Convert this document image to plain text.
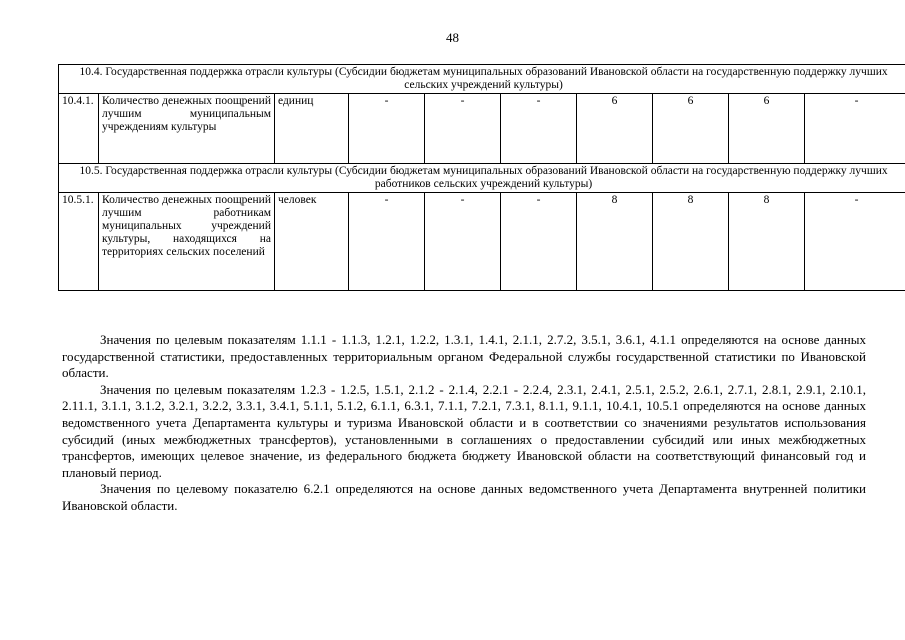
48
10.4. Государственная поддержка отрасли культуры (Субсидии бюджетам муниципальных образований Ивановской области на государственную поддержку лучших сельских учреждений культуры)									
10.4.1.	Количество денежных поощрений лучшим муниципальным учреждениям культуры	единиц	-	-	-	6	6	6	-
10.5. Государственная поддержка отрасли культуры (Субсидии бюджетам муниципальных образований Ивановской области на государственную поддержку лучших работников сельских учреждений культуры)									
10.5.1.	Количество денежных поощрений лучшим работникам муниципальных учреждений культуры, находящихся на территориях сельских поселений	человек	-	-	-	8	8	8	-

Значения по целевым показателям 1.1.1 - 1.1.3, 1.2.1, 1.2.2, 1.3.1, 1.4.1, 2.1.1, 2.7.2, 3.5.1, 3.6.1, 4.1.1 определяются на основе данных государственной статистики, предоставленных территориальным органом Федеральной службы государственной статистики по Ивановской области.

Значения по целевым показателям 1.2.3 - 1.2.5, 1.5.1, 2.1.2 - 2.1.4, 2.2.1 - 2.2.4, 2.3.1, 2.4.1, 2.5.1, 2.5.2, 2.6.1, 2.7.1, 2.8.1, 2.9.1, 2.10.1, 2.11.1, 3.1.1, 3.1.2, 3.2.1, 3.2.2, 3.3.1, 3.4.1, 5.1.1, 5.1.2, 6.1.1, 6.3.1, 7.1.1, 7.2.1, 7.3.1, 8.1.1, 9.1.1, 10.4.1, 10.5.1 определяются на основе данных ведомственного учета Департамента культуры и туризма Ивановской области и в соответствии со значениями результатов использования субсидий (иных межбюджетных трансфертов), установленными в соглашениях о предоставлении субсидий или иных межбюджетных трансфертов, имеющих целевое значение, из федерального бюджета бюджету Ивановской области на соответствующий финансовый год и плановый период.

Значения по целевому показателю 6.2.1 определяются на основе данных ведомственного учета Департамента внутренней политики Ивановской области.
